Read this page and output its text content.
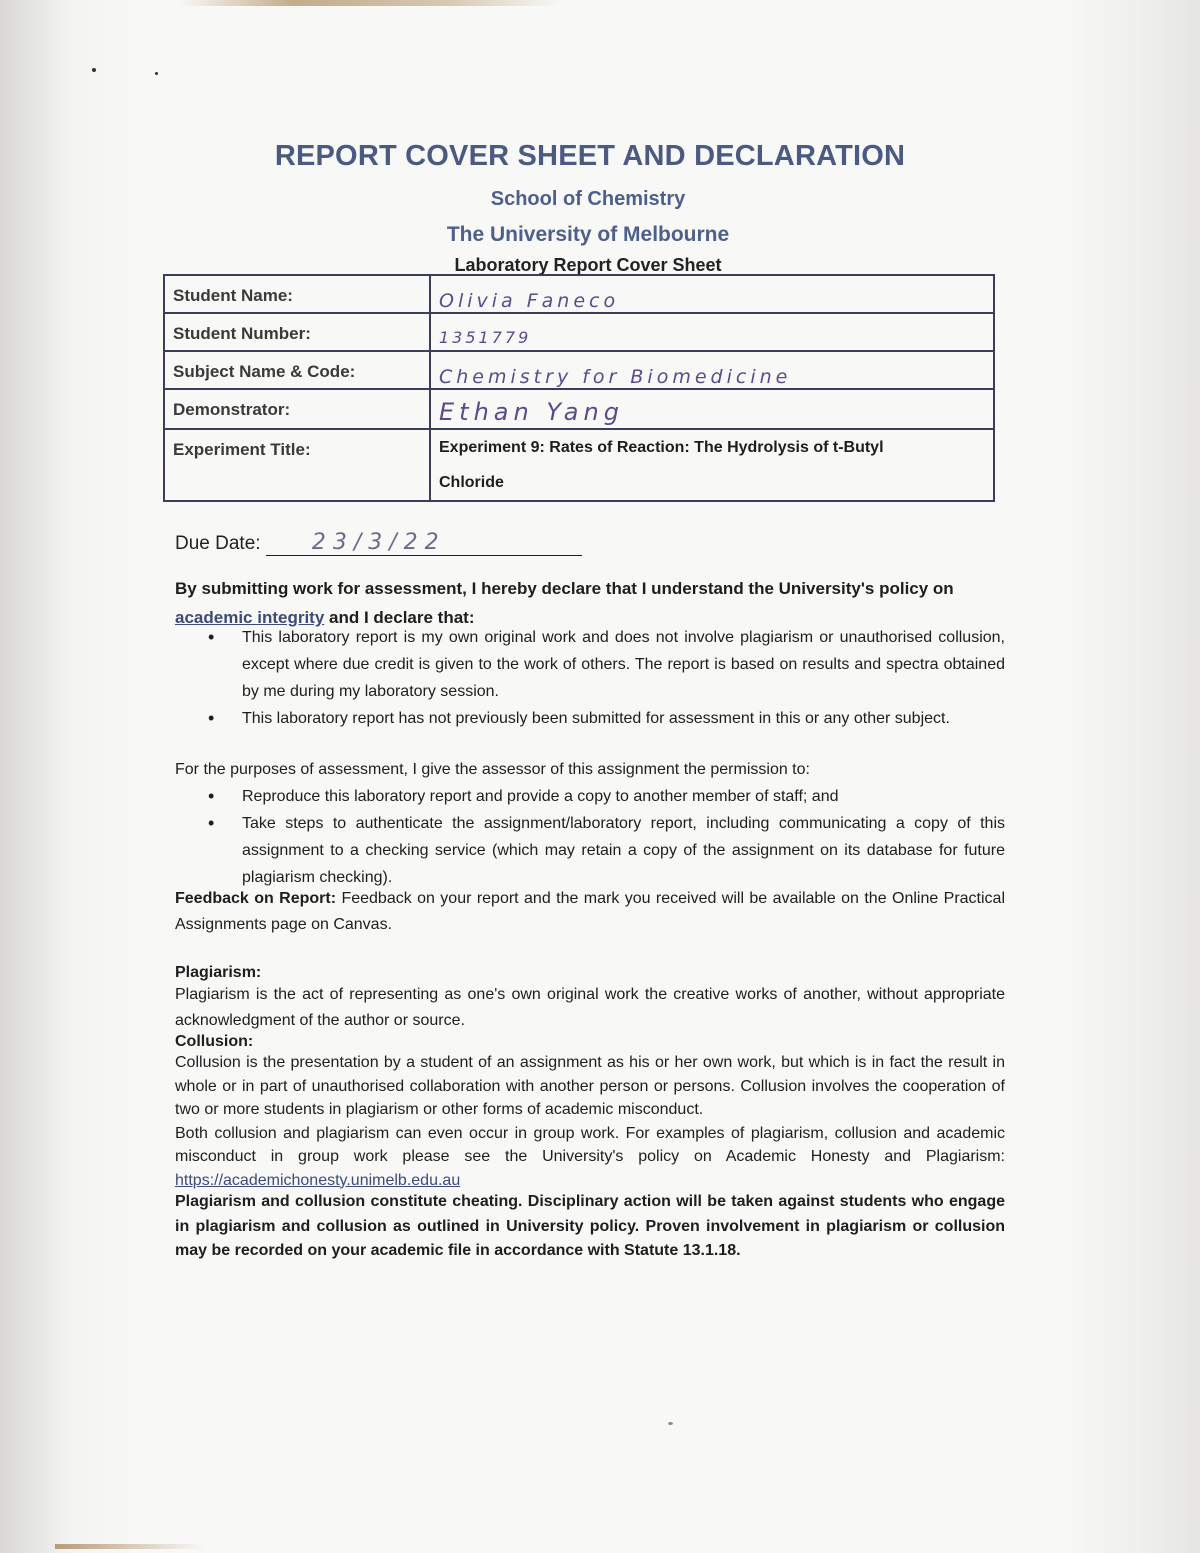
REPORT COVER SHEET AND DECLARATION
School of Chemistry
The University of Melbourne
Laboratory Report Cover Sheet
Student Name:	Olivia Faneco
Student Number:	1351779
Subject Name & Code:	Chemistry for Biomedicine
Demonstrator:	Ethan Yang
Experiment Title:	Experiment 9: Rates of Reaction: The Hydrolysis of t-Butyl
Chloride
Due Date: 23/3/22
By submitting work for assessment, I hereby declare that I understand the University's policy on academic integrity and I declare that:
• This laboratory report is my own original work and does not involve plagiarism or unauthorised collusion, except where due credit is given to the work of others. The report is based on results and spectra obtained by me during my laboratory session.
• This laboratory report has not previously been submitted for assessment in this or any other subject.
For the purposes of assessment, I give the assessor of this assignment the permission to:
• Reproduce this laboratory report and provide a copy to another member of staff; and
• Take steps to authenticate the assignment/laboratory report, including communicating a copy of this assignment to a checking service (which may retain a copy of the assignment on its database for future plagiarism checking).
Feedback on Report: Feedback on your report and the mark you received will be available on the Online Practical Assignments page on Canvas.
Plagiarism:
Plagiarism is the act of representing as one's own original work the creative works of another, without appropriate acknowledgment of the author or source.
Collusion:
Collusion is the presentation by a student of an assignment as his or her own work, but which is in fact the result in whole or in part of unauthorised collaboration with another person or persons. Collusion involves the cooperation of two or more students in plagiarism or other forms of academic misconduct.
Both collusion and plagiarism can even occur in group work. For examples of plagiarism, collusion and academic misconduct in group work please see the University's policy on Academic Honesty and Plagiarism: https://academichonesty.unimelb.edu.au
Plagiarism and collusion constitute cheating. Disciplinary action will be taken against students who engage in plagiarism and collusion as outlined in University policy. Proven involvement in plagiarism or collusion may be recorded on your academic file in accordance with Statute 13.1.18.
